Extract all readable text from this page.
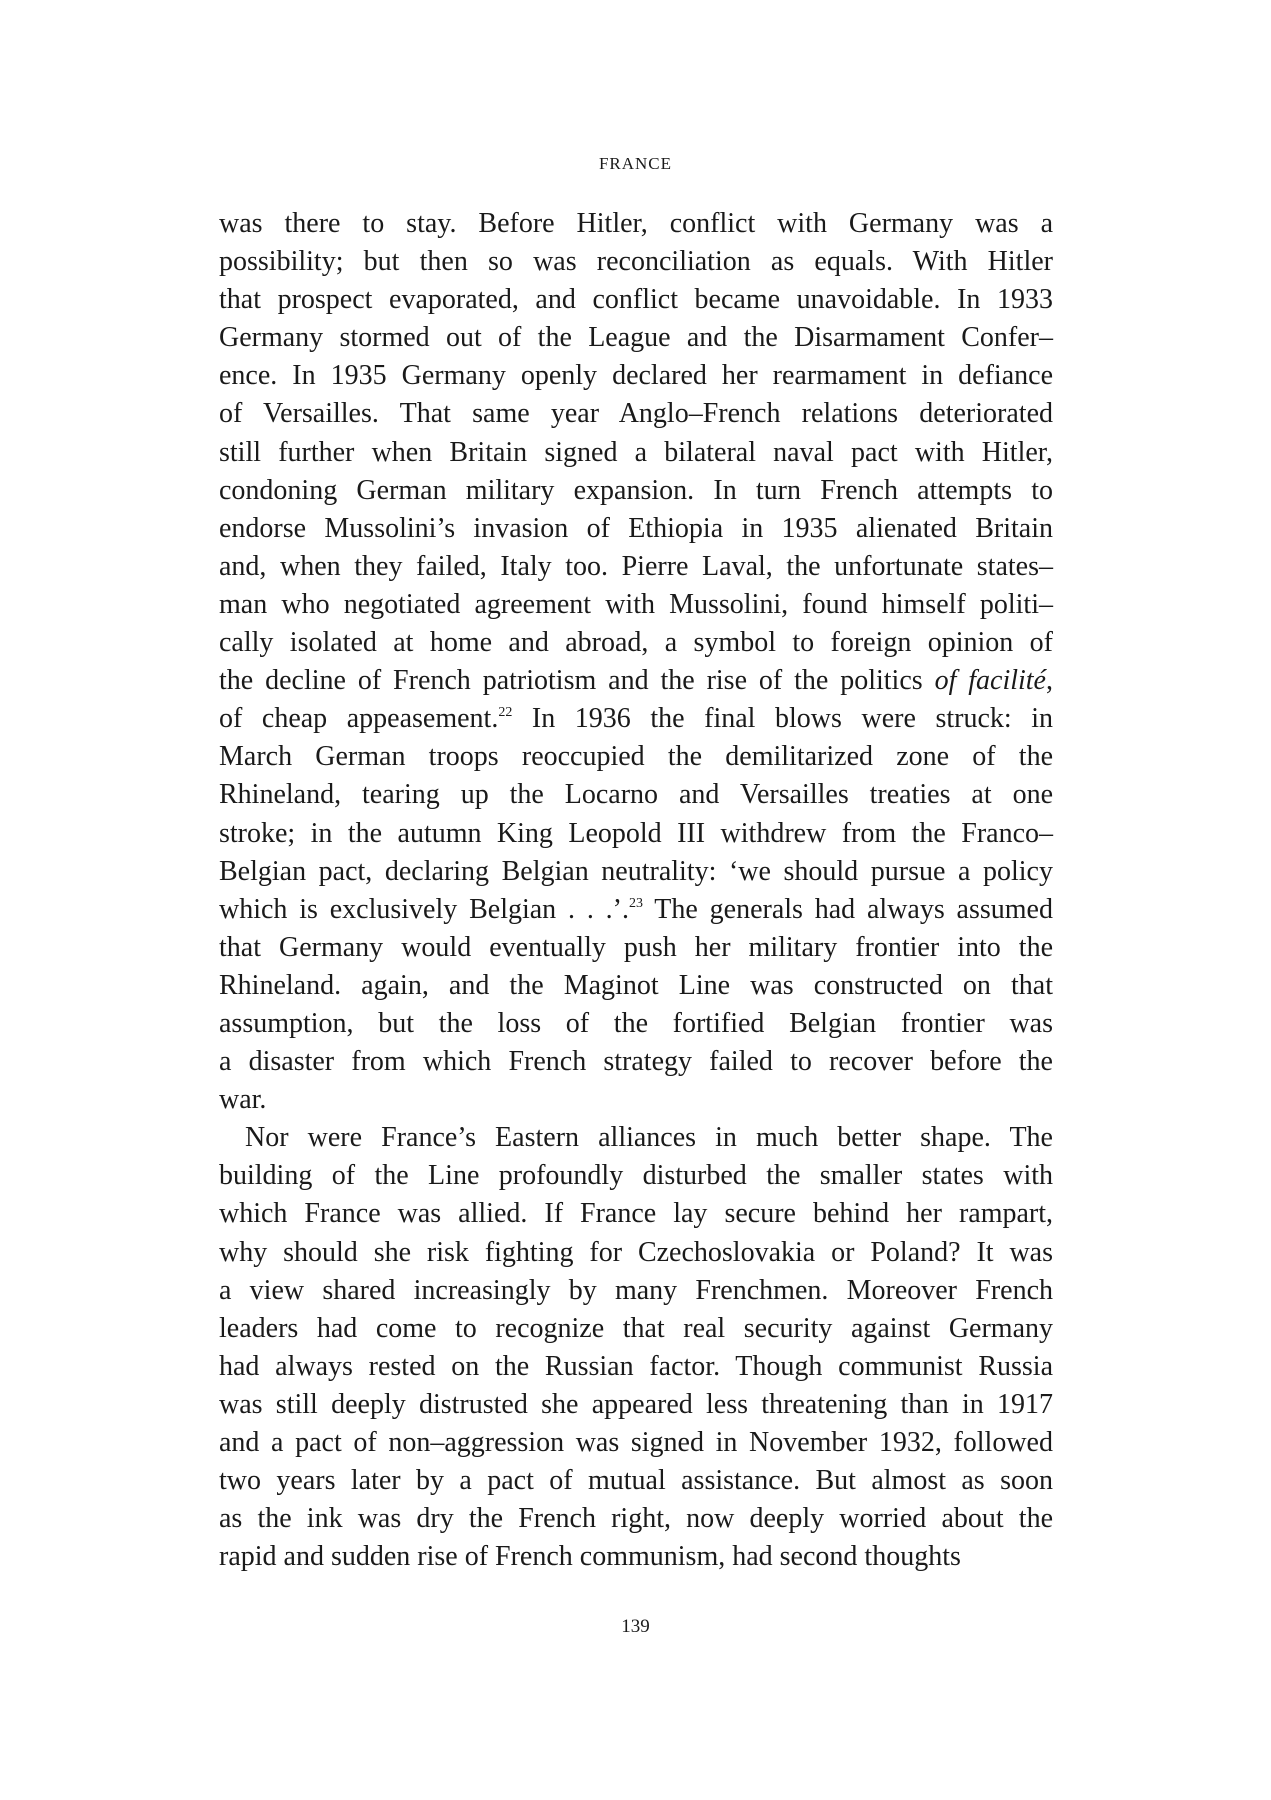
FRANCE
was there to stay. Before Hitler, conflict with Germany was a
possibility; but then so was reconciliation as equals. With Hitler
that prospect evaporated, and conflict became unavoidable. In 1933
Germany stormed out of the League and the Disarmament Confer–
ence. In 1935 Germany openly declared her rearmament in defiance
of Versailles. That same year Anglo–French relations deteriorated
still further when Britain signed a bilateral naval pact with Hitler,
condoning German military expansion. In turn French attempts to
endorse Mussolini’s invasion of Ethiopia in 1935 alienated Britain
and, when they failed, Italy too. Pierre Laval, the unfortunate states–
man who negotiated agreement with Mussolini, found himself politi–
cally isolated at home and abroad, a symbol to foreign opinion of
the decline of French patriotism and the rise of the politics of facilité,
of cheap appeasement.$^{22}$ In 1936 the final blows were struck: in
March German troops reoccupied the demilitarized zone of the
Rhineland, tearing up the Locarno and Versailles treaties at one
stroke; in the autumn King Leopold III withdrew from the Franco–
Belgian pact, declaring Belgian neutrality: ‘we should pursue a policy
which is exclusively Belgian . . .’.$^{23}$ The generals had always assumed
that Germany would eventually push her military frontier into the
Rhineland. again, and the Maginot Line was constructed on that
assumption, but the loss of the fortified Belgian frontier was
a disaster from which French strategy failed to recover before the
war.
Nor were France’s Eastern alliances in much better shape. The
building of the Line profoundly disturbed the smaller states with
which France was allied. If France lay secure behind her rampart,
why should she risk fighting for Czechoslovakia or Poland? It was
a view shared increasingly by many Frenchmen. Moreover French
leaders had come to recognize that real security against Germany
had always rested on the Russian factor. Though communist Russia
was still deeply distrusted she appeared less threatening than in 1917
and a pact of non–aggression was signed in November 1932, followed
two years later by a pact of mutual assistance. But almost as soon
as the ink was dry the French right, now deeply worried about the
rapid and sudden rise of French communism, had second thoughts
139
